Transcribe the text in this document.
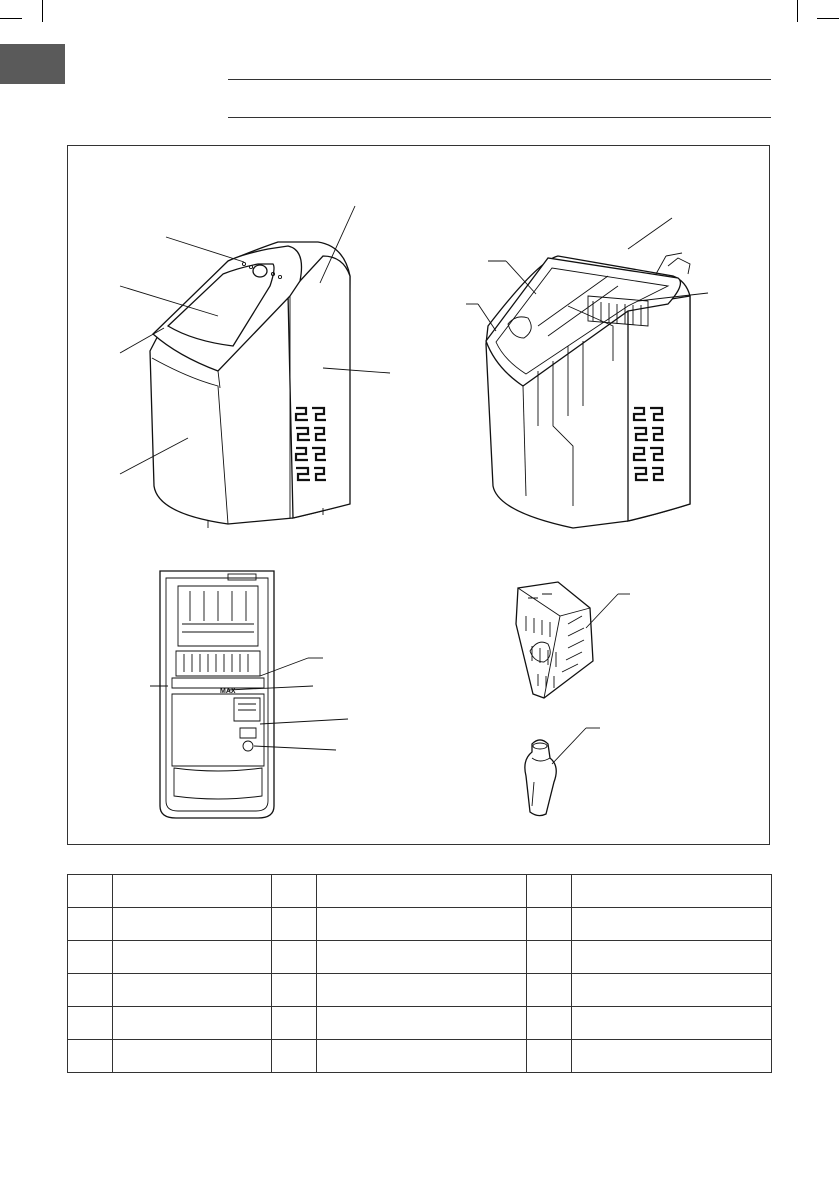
MAX
